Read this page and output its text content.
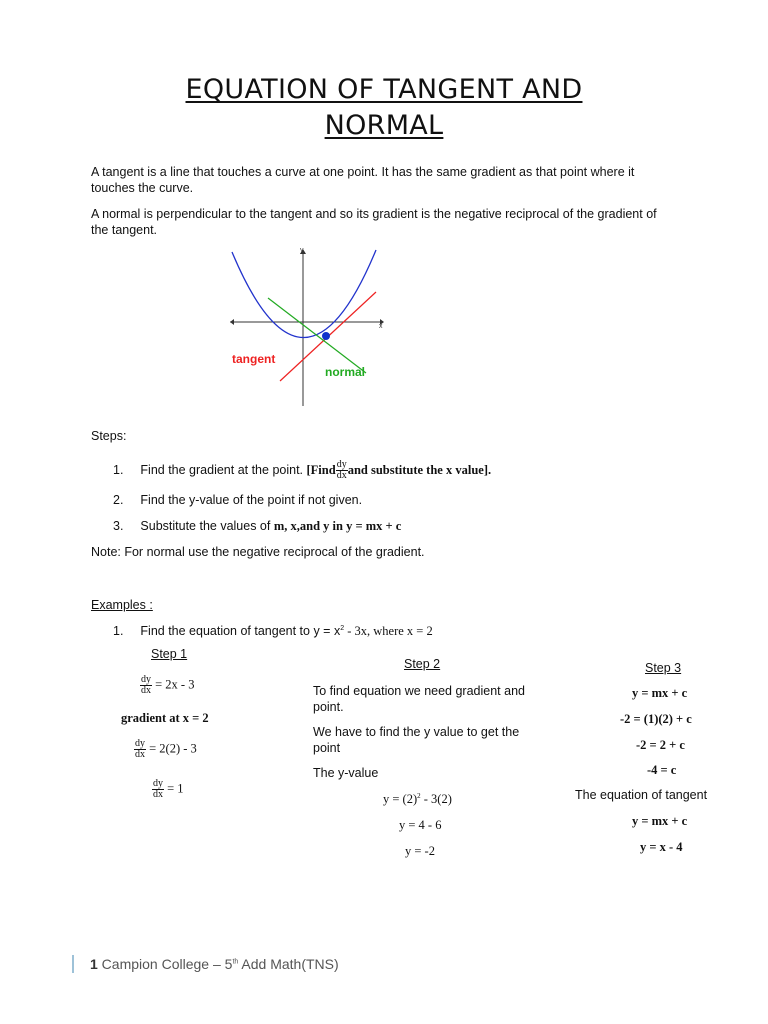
EQUATION OF TANGENT AND
NORMAL
A tangent is a line that touches a curve at one point. It has the same gradient as that point where it touches the curve.
A normal is perpendicular to the tangent and so its gradient is the negative reciprocal of the gradient of the tangent.
x
y
tangent
normal
Steps:
1. Find the gradient at the point. [Find $\frac{dy}{dx}$ and substitute the x value].
2. Find the y-value of the point if not given.
3. Substitute the values of m, x,and y in y = mx + c
Note: For normal use the negative reciprocal of the gradient.
Examples :
1. Find the equation of tangent to $y = x^2 - 3x$, where x = 2
Step 1
$\frac{dy}{dx} = 2x - 3$
gradient at x = 2
$\frac{dy}{dx} = 2(2) - 3$
$\frac{dy}{dx} = 1$
Step 2
To find equation we need gradient and point.
We have to find the y value to get the point
The y-value
$y = (2)^2 - 3(2)$
y = 4 - 6
y = -2
Step 3
y = mx + c
-2 = (1)(2) + c
-2 = 2 + c
-4 = c
The equation of tangent
y = mx + c
y = x - 4
1 Campion College – 5th Add Math(TNS)
